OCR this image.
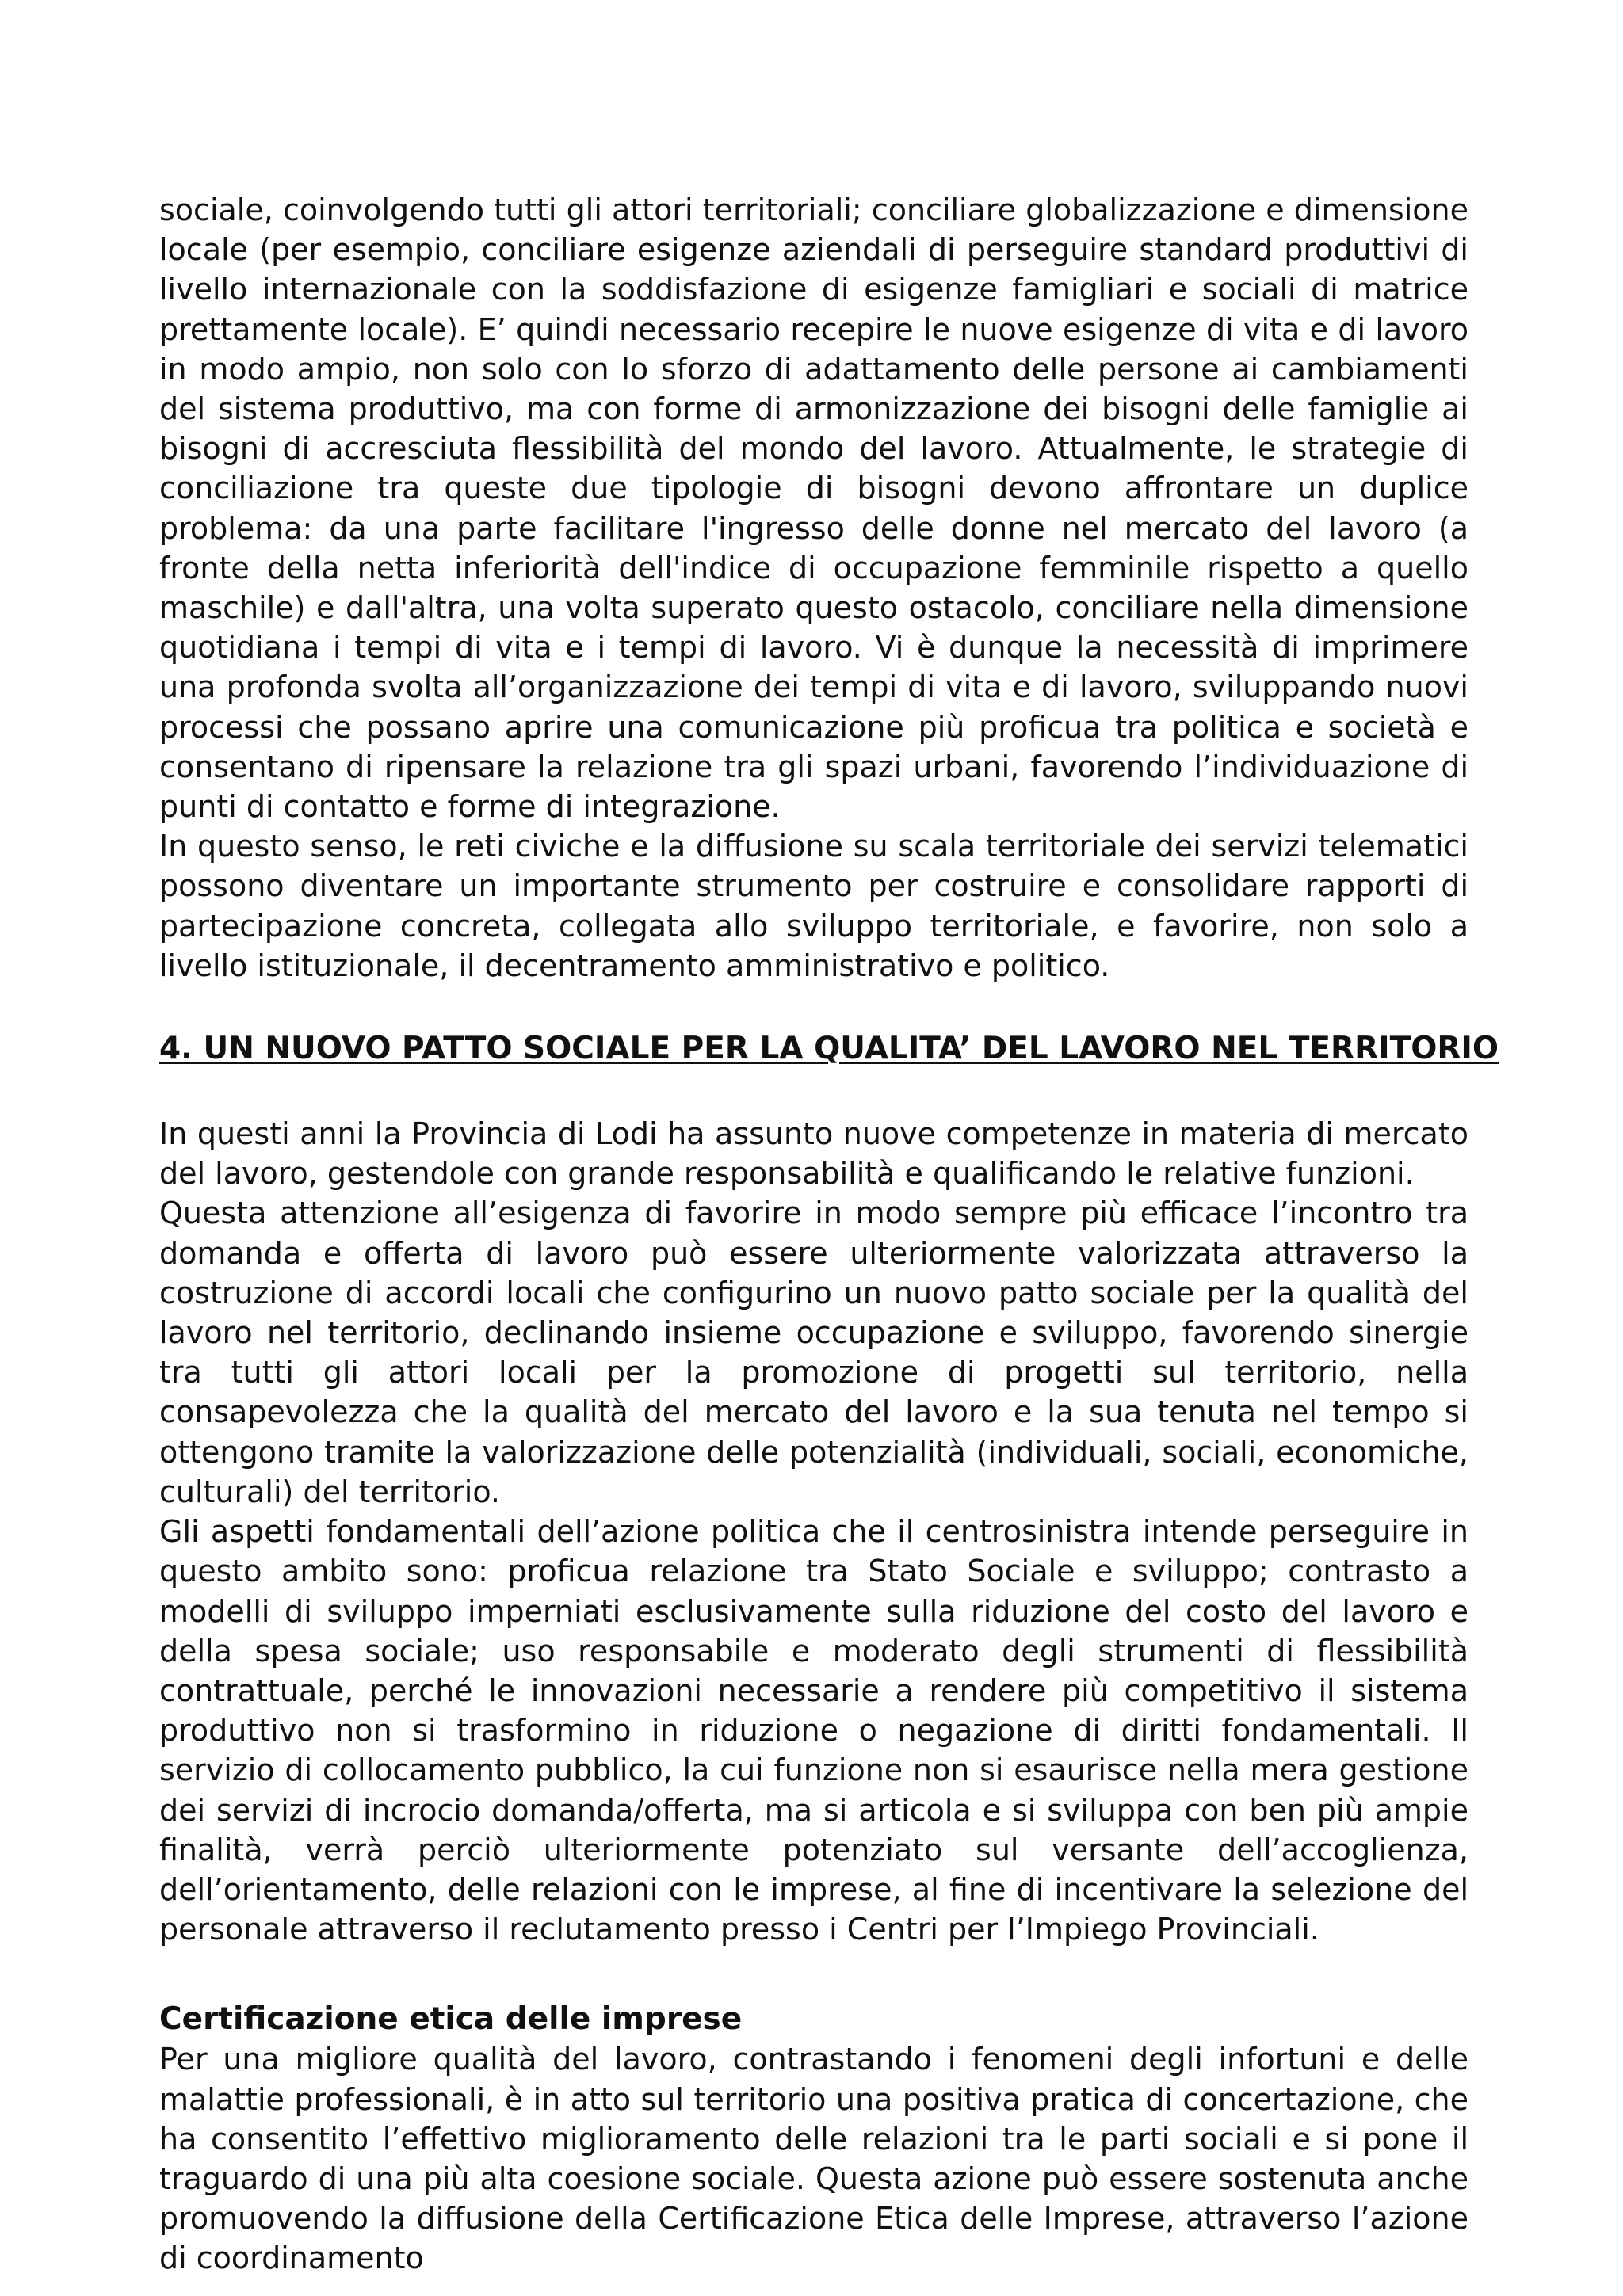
sociale, coinvolgendo tutti gli attori territoriali; conciliare globalizzazione e dimensione locale (per esempio, conciliare esigenze aziendali di perseguire standard produttivi di livello internazionale con la soddisfazione di esigenze famigliari e sociali di matrice prettamente locale). E’ quindi necessario recepire le nuove esigenze di vita e di lavoro in modo ampio, non solo con lo sforzo di adattamento delle persone ai cambiamenti del sistema produttivo, ma con forme di armonizzazione dei bisogni delle famiglie ai bisogni di accresciuta flessibilità del mondo del lavoro. Attualmente, le strategie di conciliazione tra queste due tipologie di bisogni devono affrontare un duplice problema: da una parte facilitare l'ingresso delle donne nel mercato del lavoro (a fronte della netta inferiorità dell'indice di occupazione femminile rispetto a quello maschile) e dall'altra, una volta superato questo ostacolo, conciliare nella dimensione quotidiana i tempi di vita e i tempi di lavoro. Vi è dunque la necessità di imprimere una profonda svolta all’organizzazione dei tempi di vita e di lavoro, sviluppando nuovi processi che possano aprire una comunicazione più proficua tra politica e società e consentano di ripensare la relazione tra gli spazi urbani, favorendo l’individuazione di punti di contatto e forme di integrazione.

In questo senso, le reti civiche e la diffusione su scala territoriale dei servizi telematici possono diventare un importante strumento per costruire e consolidare rapporti di partecipazione concreta, collegata allo sviluppo territoriale, e favorire, non solo a livello istituzionale, il decentramento amministrativo e politico.

4. UN NUOVO PATTO SOCIALE PER LA QUALITA’ DEL LAVORO NEL TERRITORIO

In questi anni la Provincia di Lodi ha assunto nuove competenze in materia di mercato del lavoro, gestendole con grande responsabilità e qualificando le relative funzioni.

Questa attenzione all’esigenza di favorire in modo sempre più efficace l’incontro tra domanda e offerta di lavoro può essere ulteriormente valorizzata attraverso la costruzione di accordi locali che configurino un nuovo patto sociale per la qualità del lavoro nel territorio, declinando insieme occupazione e sviluppo, favorendo sinergie tra tutti gli attori locali per la promozione di progetti sul territorio, nella consapevolezza che la qualità del mercato del lavoro e la sua tenuta nel tempo si ottengono tramite la valorizzazione delle potenzialità (individuali, sociali, economiche, culturali) del territorio.

Gli aspetti fondamentali dell’azione politica che il centrosinistra intende perseguire in questo ambito sono: proficua relazione tra Stato Sociale e sviluppo; contrasto a modelli di sviluppo imperniati esclusivamente sulla riduzione del costo del lavoro e della spesa sociale; uso responsabile e moderato degli strumenti di flessibilità contrattuale, perché le innovazioni necessarie a rendere più competitivo il sistema produttivo non si trasformino in riduzione o negazione di diritti fondamentali. Il servizio di collocamento pubblico, la cui funzione non si esaurisce nella mera gestione dei servizi di incrocio domanda/offerta, ma si articola e si sviluppa con ben più ampie finalità, verrà perciò ulteriormente potenziato sul versante dell’accoglienza, dell’orientamento, delle relazioni con le imprese, al fine di incentivare la selezione del personale attraverso il reclutamento presso i Centri per l’Impiego Provinciali.

Certificazione etica delle imprese

Per una migliore qualità del lavoro, contrastando i fenomeni degli infortuni e delle malattie professionali, è in atto sul territorio una positiva pratica di concertazione, che ha consentito l’effettivo miglioramento delle relazioni tra le parti sociali e si pone il traguardo di una più alta coesione sociale. Questa azione può essere sostenuta anche promuovendo la diffusione della Certificazione Etica delle Imprese, attraverso l’azione di coordinamento
